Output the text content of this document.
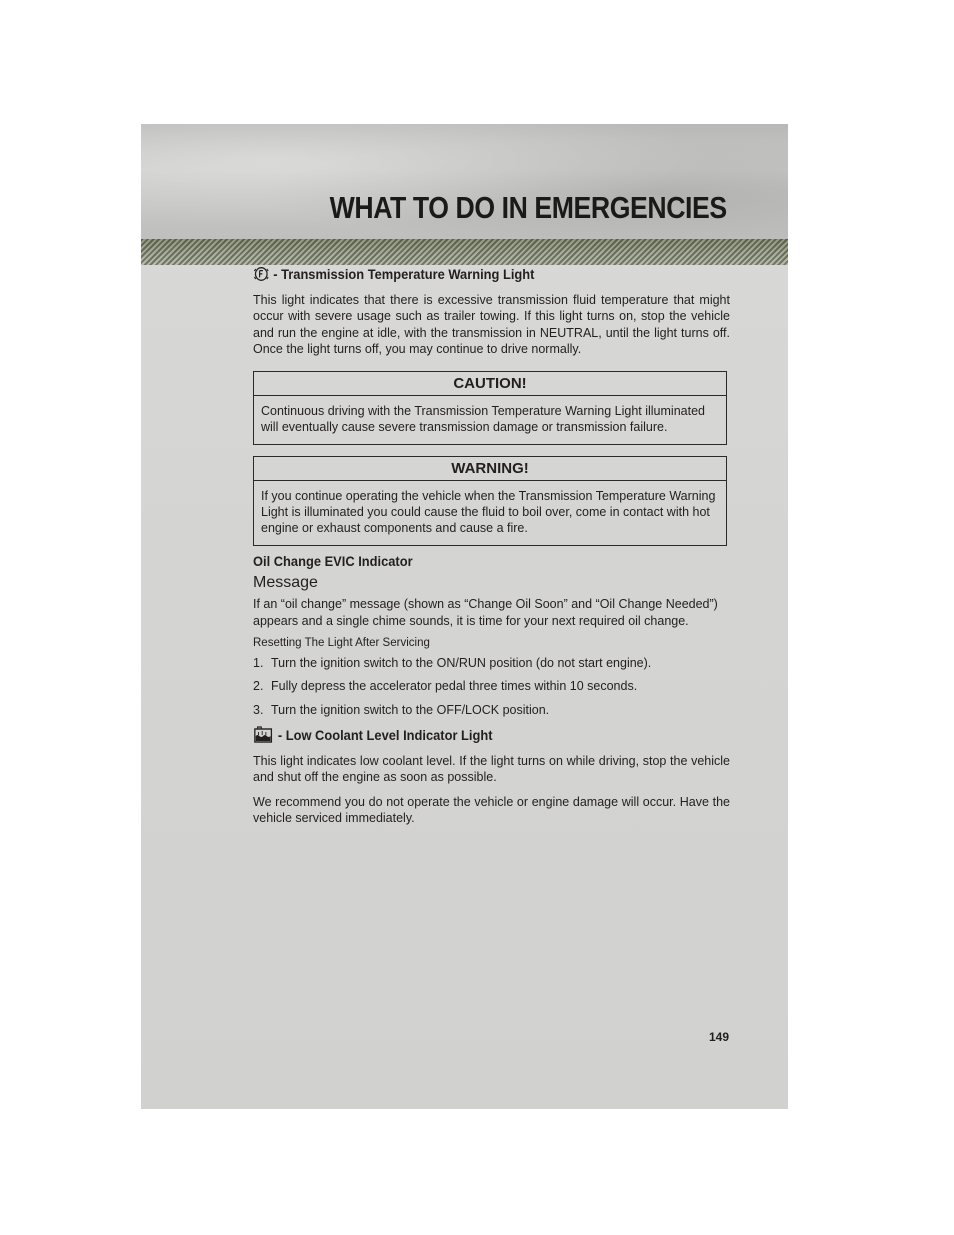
WHAT TO DO IN EMERGENCIES
- Transmission Temperature Warning Light

This light indicates that there is excessive transmission fluid temperature that might occur with severe usage such as trailer towing. If this light turns on, stop the vehicle and run the engine at idle, with the transmission in NEUTRAL, until the light turns off. Once the light turns off, you may continue to drive normally.

CAUTION!
Continuous driving with the Transmission Temperature Warning Light illuminated will eventually cause severe transmission damage or transmission failure.
WARNING!
If you continue operating the vehicle when the Transmission Temperature Warning Light is illuminated you could cause the fluid to boil over, come in contact with hot engine or exhaust components and cause a fire.
Oil Change EVIC Indicator
Message

If an “oil change” message (shown as “Change Oil Soon” and “Oil Change Needed”) appears and a single chime sounds, it is time for your next required oil change.

Resetting The Light After Servicing
1. Turn the ignition switch to the ON/RUN position (do not start engine).
2. Fully depress the accelerator pedal three times within 10 seconds.
3. Turn the ignition switch to the OFF/LOCK position.
- Low Coolant Level Indicator Light

This light indicates low coolant level. If the light turns on while driving, stop the vehicle and shut off the engine as soon as possible.

We recommend you do not operate the vehicle or engine damage will occur. Have the vehicle serviced immediately.

149
